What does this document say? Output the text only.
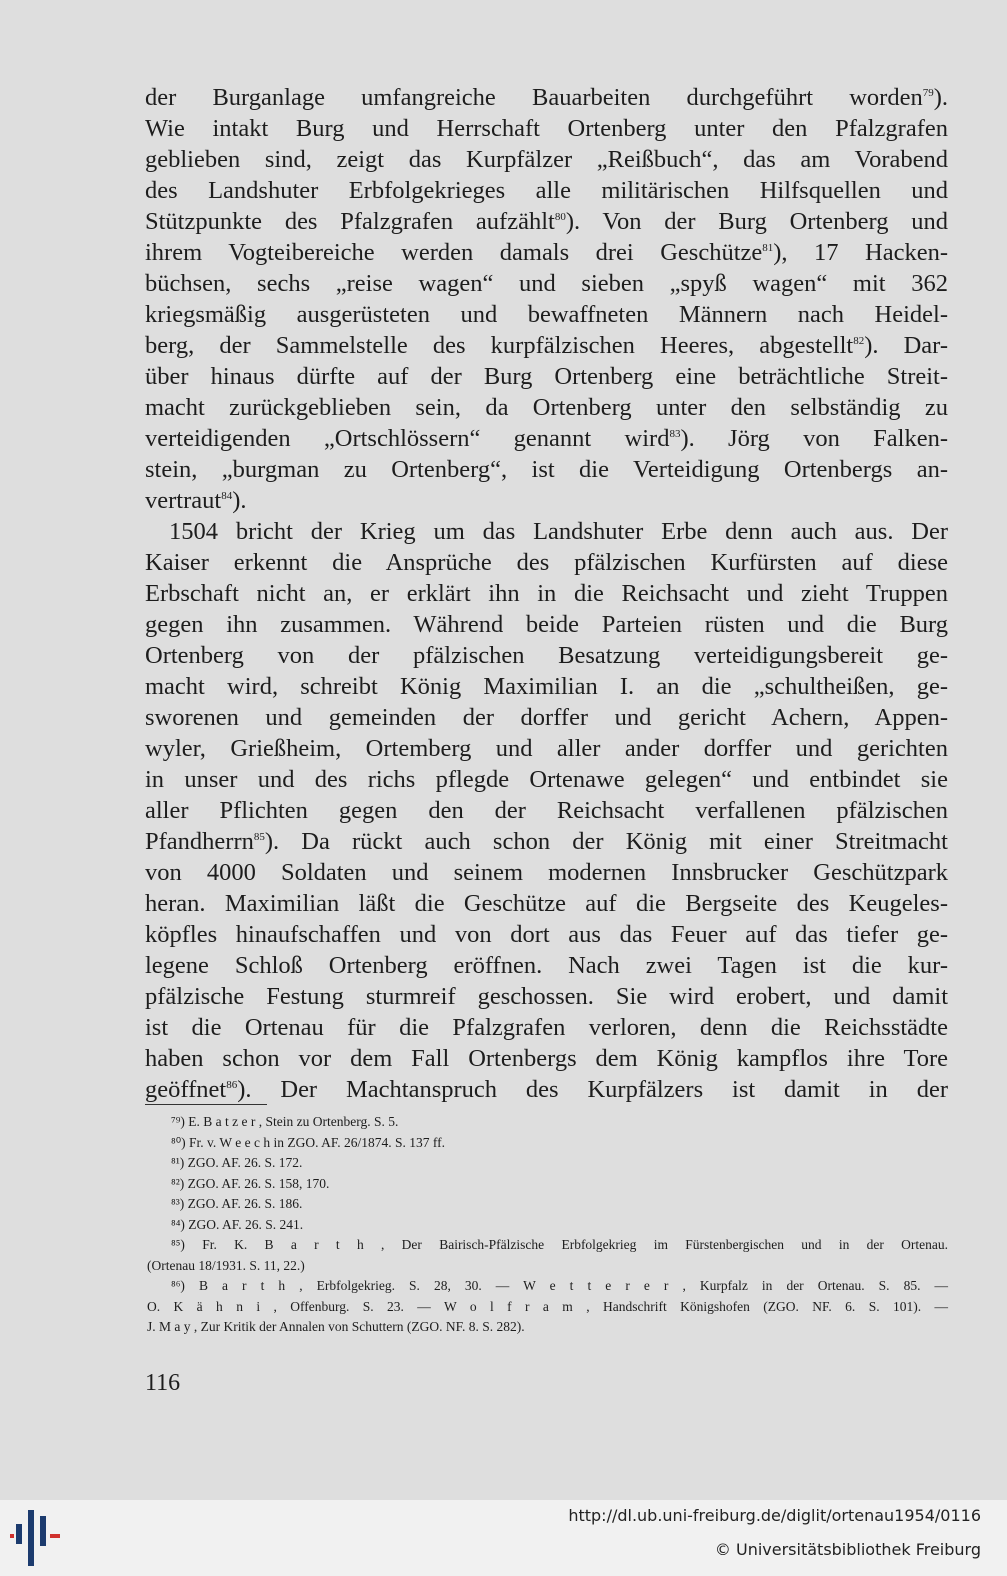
der Burganlage umfangreiche Bauarbeiten durchgeführt worden$^{79}$).
Wie intakt Burg und Herrschaft Ortenberg unter den Pfalzgrafen
geblieben sind, zeigt das Kurpfälzer „Reißbuch“, das am Vorabend
des Landshuter Erbfolgekrieges alle militärischen Hilfsquellen und
Stützpunkte des Pfalzgrafen aufzählt$^{80}$). Von der Burg Ortenberg und
ihrem Vogteibereiche werden damals drei Geschütze$^{81}$), 17 Hacken-
büchsen, sechs „reise wagen“ und sieben „spyß wagen“ mit 362
kriegsmäßig ausgerüsteten und bewaffneten Männern nach Heidel-
berg, der Sammelstelle des kurpfälzischen Heeres, abgestellt$^{82}$). Dar-
über hinaus dürfte auf der Burg Ortenberg eine beträchtliche Streit-
macht zurückgeblieben sein, da Ortenberg unter den selbständig zu
verteidigenden „Ortschlössern“ genannt wird$^{83}$). Jörg von Falken-
stein, „burgman zu Ortenberg“, ist die Verteidigung Ortenbergs an-
vertraut$^{84}$).
1504 bricht der Krieg um das Landshuter Erbe denn auch aus. Der
Kaiser erkennt die Ansprüche des pfälzischen Kurfürsten auf diese
Erbschaft nicht an, er erklärt ihn in die Reichsacht und zieht Truppen
gegen ihn zusammen. Während beide Parteien rüsten und die Burg
Ortenberg von der pfälzischen Besatzung verteidigungsbereit ge-
macht wird, schreibt König Maximilian I. an die „schultheißen, ge-
sworenen und gemeinden der dorffer und gericht Achern, Appen-
wyler, Grießheim, Ortemberg und aller ander dorffer und gerichten
in unser und des richs pflegde Ortenawe gelegen“ und entbindet sie
aller Pflichten gegen den der Reichsacht verfallenen pfälzischen
Pfandherrn$^{85}$). Da rückt auch schon der König mit einer Streitmacht
von 4000 Soldaten und seinem modernen Innsbrucker Geschützpark
heran. Maximilian läßt die Geschütze auf die Bergseite des Keugeles-
köpfles hinaufschaffen und von dort aus das Feuer auf das tiefer ge-
legene Schloß Ortenberg eröffnen. Nach zwei Tagen ist die kur-
pfälzische Festung sturmreif geschossen. Sie wird erobert, und damit
ist die Ortenau für die Pfalzgrafen verloren, denn die Reichsstädte
haben schon vor dem Fall Ortenbergs dem König kampflos ihre Tore
geöffnet$^{86}$). Der Machtanspruch des Kurpfälzers ist damit in der
⁷⁹) E. B a t z e r , Stein zu Ortenberg. S. 5.
⁸⁰) Fr. v. W e e c h in ZGO. AF. 26/1874. S. 137 ff.
⁸¹) ZGO. AF. 26. S. 172.
⁸²) ZGO. AF. 26. S. 158, 170.
⁸³) ZGO. AF. 26. S. 186.
⁸⁴) ZGO. AF. 26. S. 241.
⁸⁵) Fr. K. B a r t h , Der Bairisch-Pfälzische Erbfolgekrieg im Fürstenbergischen und in der Ortenau.
(Ortenau 18/1931. S. 11, 22.)
⁸⁶) B a r t h , Erbfolgekrieg. S. 28, 30. — W e t t e r e r , Kurpfalz in der Ortenau. S. 85. —
O. K ä h n i , Offenburg. S. 23. — W o l f r a m , Handschrift Königshofen (ZGO. NF. 6. S. 101). —
J. M a y , Zur Kritik der Annalen von Schuttern (ZGO. NF. 8. S. 282).
116
http://dl.ub.uni-freiburg.de/diglit/ortenau1954/0116
© Universitätsbibliothek Freiburg
